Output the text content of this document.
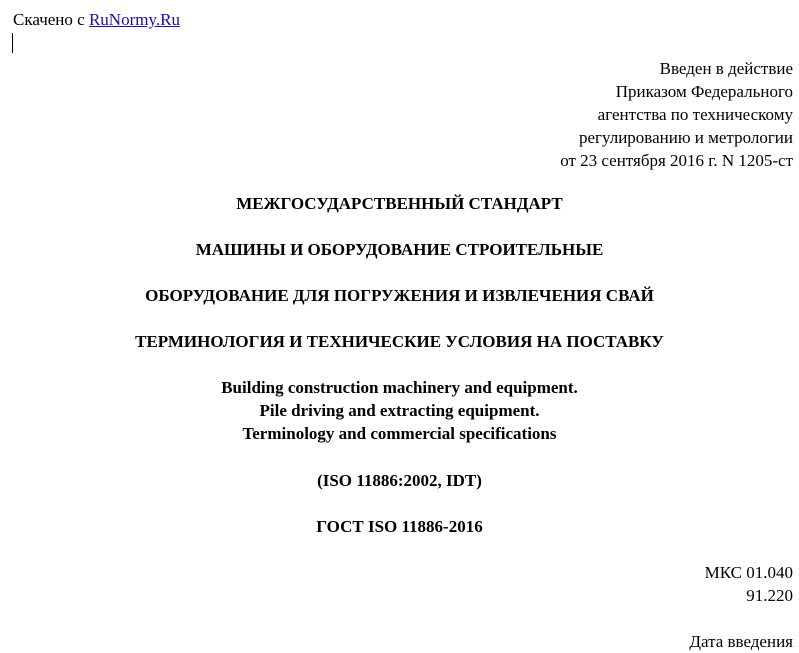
Скачено с RuNormy.Ru
Введен в действие
Приказом Федерального
агентства по техническому
регулированию и метрологии
от 23 сентября 2016 г. N 1205-ст
МЕЖГОСУДАРСТВЕННЫЙ СТАНДАРТ
МАШИНЫ И ОБОРУДОВАНИЕ СТРОИТЕЛЬНЫЕ
ОБОРУДОВАНИЕ ДЛЯ ПОГРУЖЕНИЯ И ИЗВЛЕЧЕНИЯ СВАЙ
ТЕРМИНОЛОГИЯ И ТЕХНИЧЕСКИЕ УСЛОВИЯ НА ПОСТАВКУ
Building construction machinery and equipment.
Pile driving and extracting equipment.
Terminology and commercial specifications
(ISO 11886:2002, IDT)
ГОСТ ISO 11886-2016
МКС 01.040
91.220
Дата введения
